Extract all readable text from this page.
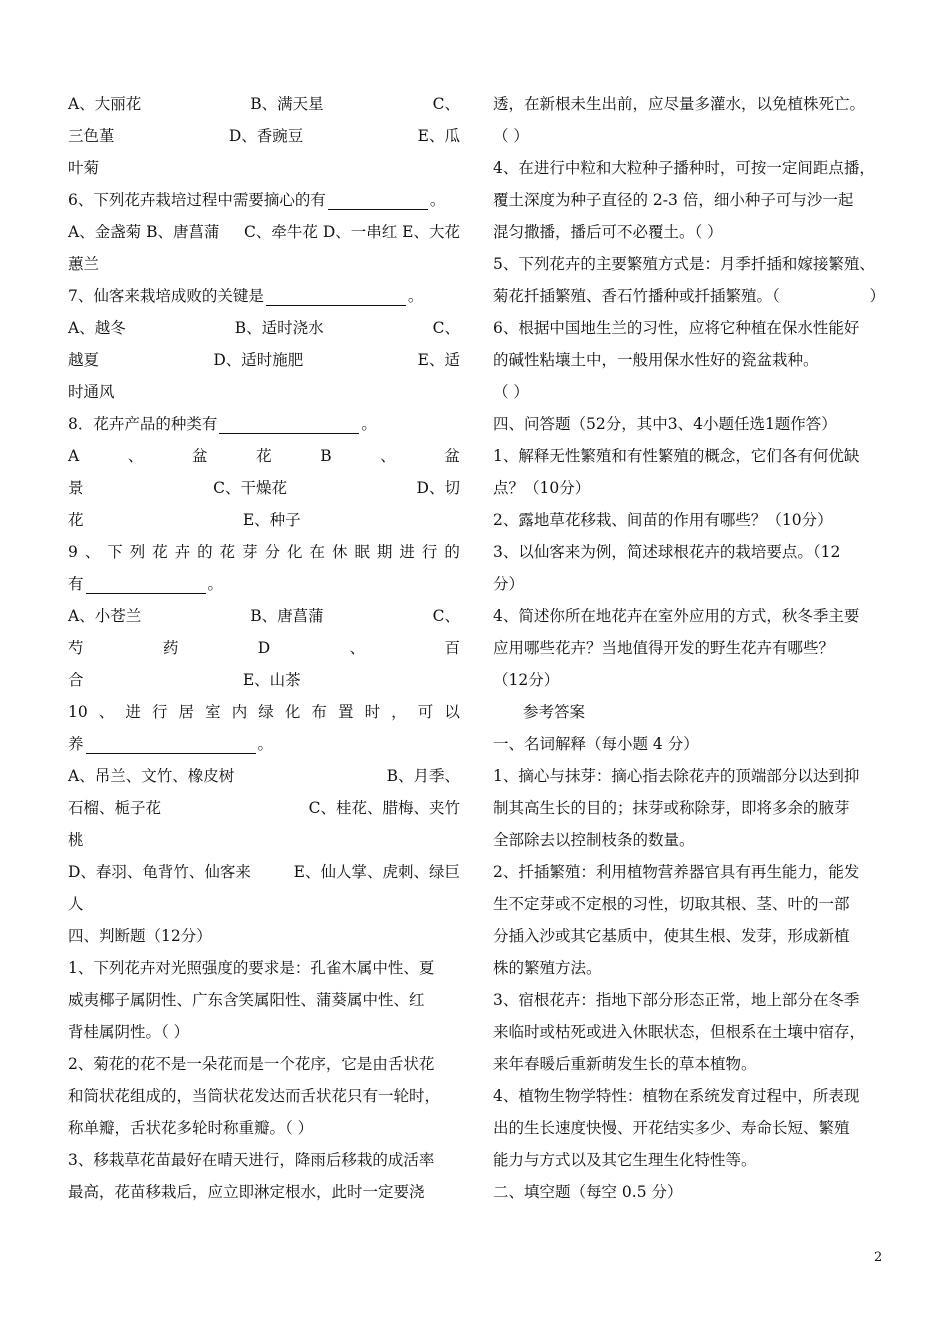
A、大丽花	B、满天星	C、
三色堇	D、香豌豆	E、瓜
叶菊
6、下列花卉栽培过程中需要摘心的有	。
A、金盏菊 B、唐菖蒲 C、牵牛花 D、一串红 E、大花
蕙兰
7、仙客来栽培成败的关键是	。
A、越冬	B、适时浇水	C、
越夏	D、适时施肥	E、适
时通风
8．花卉产品的种类有	。
A	、	盆	花	B	、	盆
景	C、干燥花	D、切
花	E、种子
9 、 下 列 花 卉 的 花 芽 分 化 在 休 眠 期 进 行 的
有	。
A、小苍兰	B、唐菖蒲	C、
芍	药	D	、	百
合	E、山茶
10 、 进 行 居 室 内 绿 化 布 置 时 ， 可 以
养	。
A、吊兰、文竹、橡皮树	B、月季、
石榴、栀子花	C、桂花、腊梅、夹竹
桃
D、春羽、龟背竹、仙客来	E、仙人掌、虎刺、绿巨
人
四、判断题（12分）
1、下列花卉对光照强度的要求是：孔雀木属中性、夏
威夷椰子属阴性、广东含笑属阳性、蒲葵属中性、红
背桂属阴性。（ ）
2、菊花的花不是一朵花而是一个花序，它是由舌状花
和筒状花组成的，当筒状花发达而舌状花只有一轮时，
称单瓣，舌状花多轮时称重瓣。（ ）
3、移栽草花苗最好在晴天进行，降雨后移栽的成活率
最高，花苗移栽后，应立即淋定根水，此时一定要浇
透，在新根未生出前，应尽量多灌水，以免植株死亡。
（ ）
4、在进行中粒和大粒种子播种时，可按一定间距点播，
覆土深度为种子直径的 2-3 倍，细小种子可与沙一起
混匀撒播，播后可不必覆土。（ ）
5、下列花卉的主要繁殖方式是：月季扦插和嫁接繁殖、
菊花扦插繁殖、香石竹播种或扦插繁殖。（	）
6、根据中国地生兰的习性，应将它种植在保水性能好
的碱性粘壤土中，一般用保水性好的瓷盆栽种。
（ ）
四、问答题（52分，其中3、4小题任选1题作答）
1、解释无性繁殖和有性繁殖的概念，它们各有何优缺
点？（10分）
2、露地草花移栽、间苗的作用有哪些？（10分）
3、以仙客来为例，简述球根花卉的栽培要点。（12
分）
4、简述你所在地花卉在室外应用的方式，秋冬季主要
应用哪些花卉？当地值得开发的野生花卉有哪些？
（12分）
参考答案
一、名词解释（每小题 4 分）
1、摘心与抹芽：摘心指去除花卉的顶端部分以达到抑
制其高生长的目的；抹芽或称除芽，即将多余的腋芽
全部除去以控制枝条的数量。
2、扦插繁殖：利用植物营养器官具有再生能力，能发
生不定芽或不定根的习性，切取其根、茎、叶的一部
分插入沙或其它基质中，使其生根、发芽，形成新植
株的繁殖方法。
3、宿根花卉：指地下部分形态正常，地上部分在冬季
来临时或枯死或进入休眠状态，但根系在土壤中宿存，
来年春暖后重新萌发生长的草本植物。
4、植物生物学特性：植物在系统发育过程中，所表现
出的生长速度快慢、开花结实多少、寿命长短、繁殖
能力与方式以及其它生理生化特性等。
二、填空题（每空 0.5 分）
2
